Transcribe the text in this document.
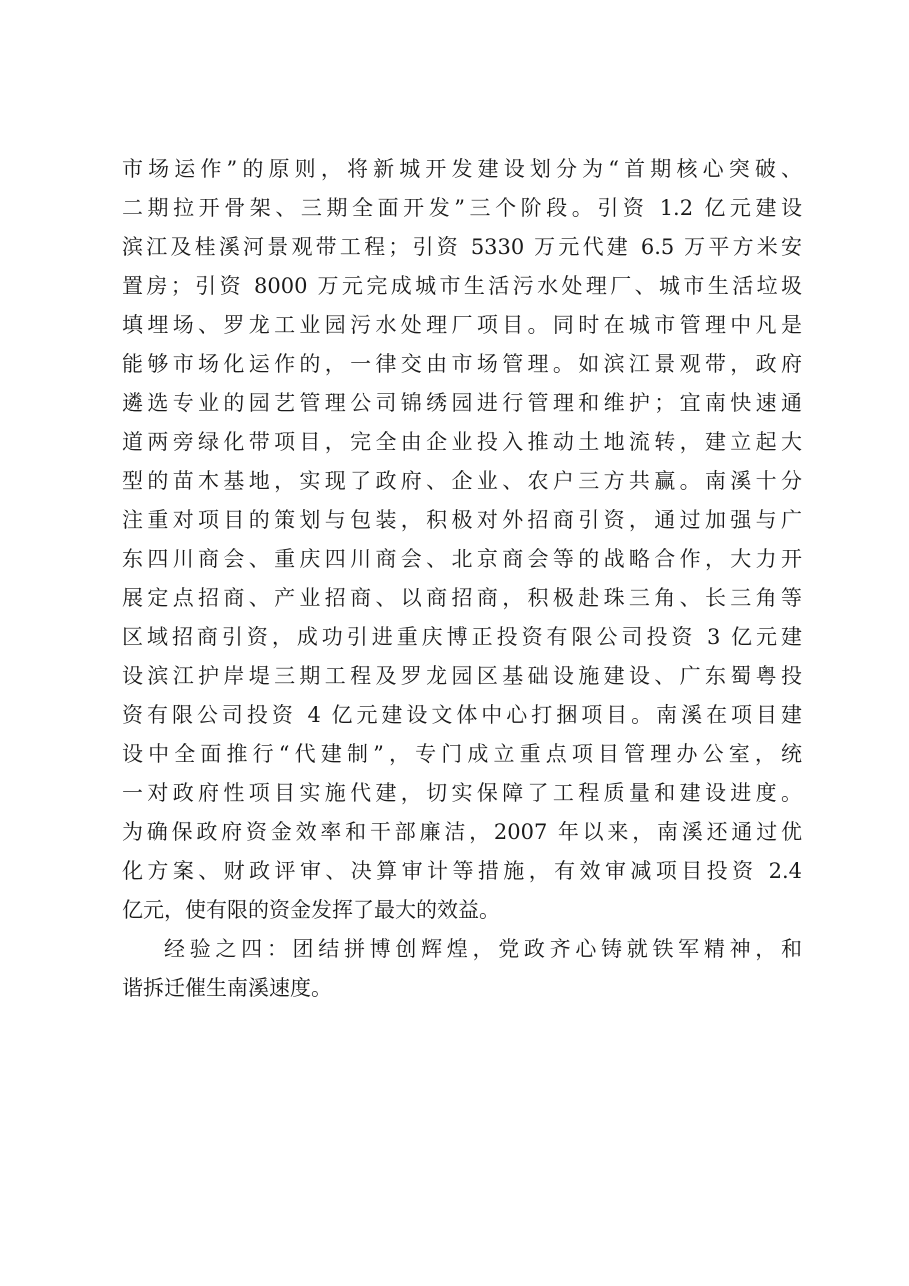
市场运作”的原则，将新城开发建设划分为“首期核心突破、
二期拉开骨架、三期全面开发”三个阶段。引资 1.2 亿元建设
滨江及桂溪河景观带工程；引资 5330 万元代建 6.5 万平方米安
置房；引资 8000 万元完成城市生活污水处理厂、城市生活垃圾
填埋场、罗龙工业园污水处理厂项目。同时在城市管理中凡是
能够市场化运作的，一律交由市场管理。如滨江景观带，政府
遴选专业的园艺管理公司锦绣园进行管理和维护；宜南快速通
道两旁绿化带项目，完全由企业投入推动土地流转，建立起大
型的苗木基地，实现了政府、企业、农户三方共赢。南溪十分
注重对项目的策划与包装，积极对外招商引资，通过加强与广
东四川商会、重庆四川商会、北京商会等的战略合作，大力开
展定点招商、产业招商、以商招商，积极赴珠三角、长三角等
区域招商引资，成功引进重庆博正投资有限公司投资 3 亿元建
设滨江护岸堤三期工程及罗龙园区基础设施建设、广东蜀粤投
资有限公司投资 4 亿元建设文体中心打捆项目。南溪在项目建
设中全面推行“代建制”，专门成立重点项目管理办公室，统
一对政府性项目实施代建，切实保障了工程质量和建设进度。
为确保政府资金效率和干部廉洁，2007 年以来，南溪还通过优
化方案、财政评审、决算审计等措施，有效审减项目投资 2.4
亿元，使有限的资金发挥了最大的效益。
经验之四：团结拼博创辉煌，党政齐心铸就铁军精神，和
谐拆迁催生南溪速度。
